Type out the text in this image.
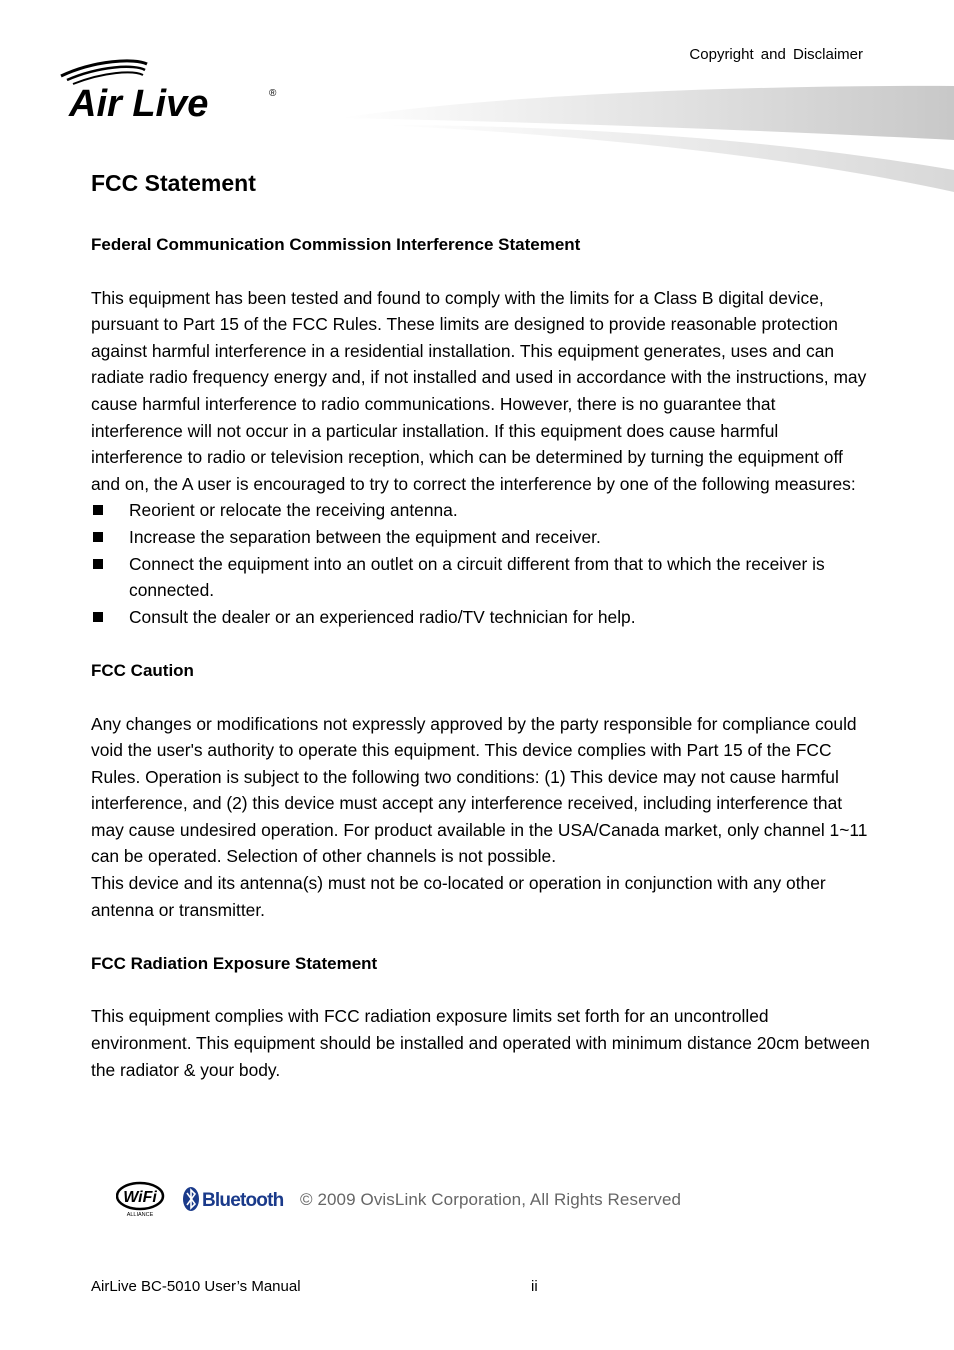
Copyright and Disclaimer
Air Live	®
FCC Statement
Federal Communication Commission Interference Statement

This equipment has been tested and found to comply with the limits for a Class B digital device, pursuant to Part 15 of the FCC Rules. These limits are designed to provide reasonable protection against harmful interference in a residential installation. This equipment generates, uses and can radiate radio frequency energy and, if not installed and used in accordance with the instructions, may cause harmful interference to radio communications. However, there is no guarantee that interference will not occur in a particular installation. If this equipment does cause harmful interference to radio or television reception, which can be determined by turning the equipment off and on, the A user is encouraged to try to correct the interference by one of the following measures:

Reorient or relocate the receiving antenna.
Increase the separation between the equipment and receiver.
Connect the equipment into an outlet on a circuit different from that to which the receiver is connected.
Consult the dealer or an experienced radio/TV technician for help.
FCC Caution

Any changes or modifications not expressly approved by the party responsible for compliance could void the user's authority to operate this equipment. This device complies with Part 15 of the FCC Rules. Operation is subject to the following two conditions: (1) This device may not cause harmful interference, and (2) this device must accept any interference received, including interference that may cause undesired operation. For product available in the USA/Canada market, only channel 1~11 can be operated. Selection of other channels is not possible.

This device and its antenna(s) must not be co-located or operation in conjunction with any other antenna or transmitter.

FCC Radiation Exposure Statement

This equipment complies with FCC radiation exposure limits set forth for an uncontrolled environment. This equipment should be installed and operated with minimum distance 20cm between the radiator & your body.

WiFi
ALLIANCE
Bluetooth © 2009 OvisLink Corporation, All Rights Reserved
AirLive BC-5010 User’s Manual	ii
